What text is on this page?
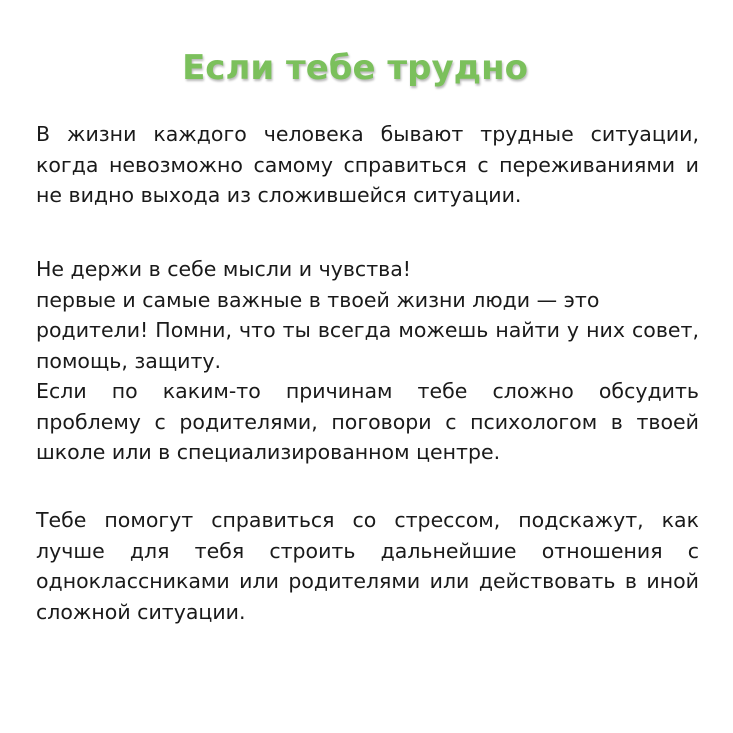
Если тебе трудно
В жизни каждого человека бывают трудные ситуации,
когда невозможно самому справиться с переживаниями и
не видно выхода из сложившейся ситуации.
Не держи в себе мысли и чувства!
первые и самые важные в твоей жизни люди — это
родители! Помни, что ты всегда можешь найти у них совет,
помощь, защиту.
Если по каким-то причинам тебе сложно обсудить
проблему с родителями, поговори с психологом в твоей
школе или в специализированном центре.
Тебе помогут справиться со стрессом, подскажут, как
лучше для тебя строить дальнейшие отношения с
одноклассниками или родителями или действовать в иной
сложной ситуации.
